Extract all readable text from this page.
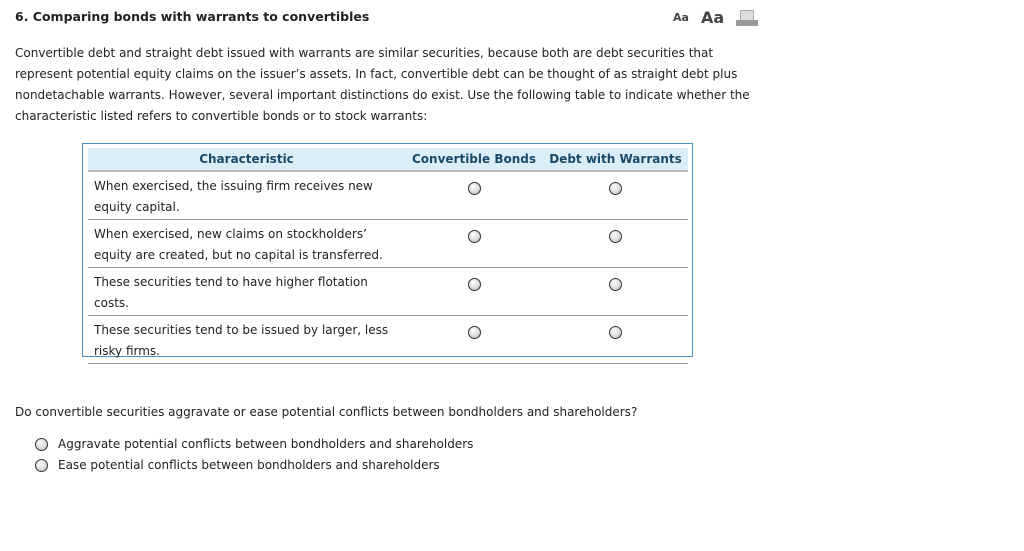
6. Comparing bonds with warrants to convertibles	Aa Aa
Convertible debt and straight debt issued with warrants are similar securities, because both are debt securities that represent potential equity claims on the issuer’s assets. In fact, convertible debt can be thought of as straight debt plus nondetachable warrants. However, several important distinctions do exist. Use the following table to indicate whether the characteristic listed refers to convertible bonds or to stock warrants:
Characteristic	Convertible Bonds	Debt with Warrants
When exercised, the issuing firm receives new equity capital.		
When exercised, new claims on stockholders’ equity are created, but no capital is transferred.		
These securities tend to have higher flotation costs.		
These securities tend to be issued by larger, less risky firms.		
Do convertible securities aggravate or ease potential conflicts between bondholders and shareholders?
Aggravate potential conflicts between bondholders and shareholders
Ease potential conflicts between bondholders and shareholders
